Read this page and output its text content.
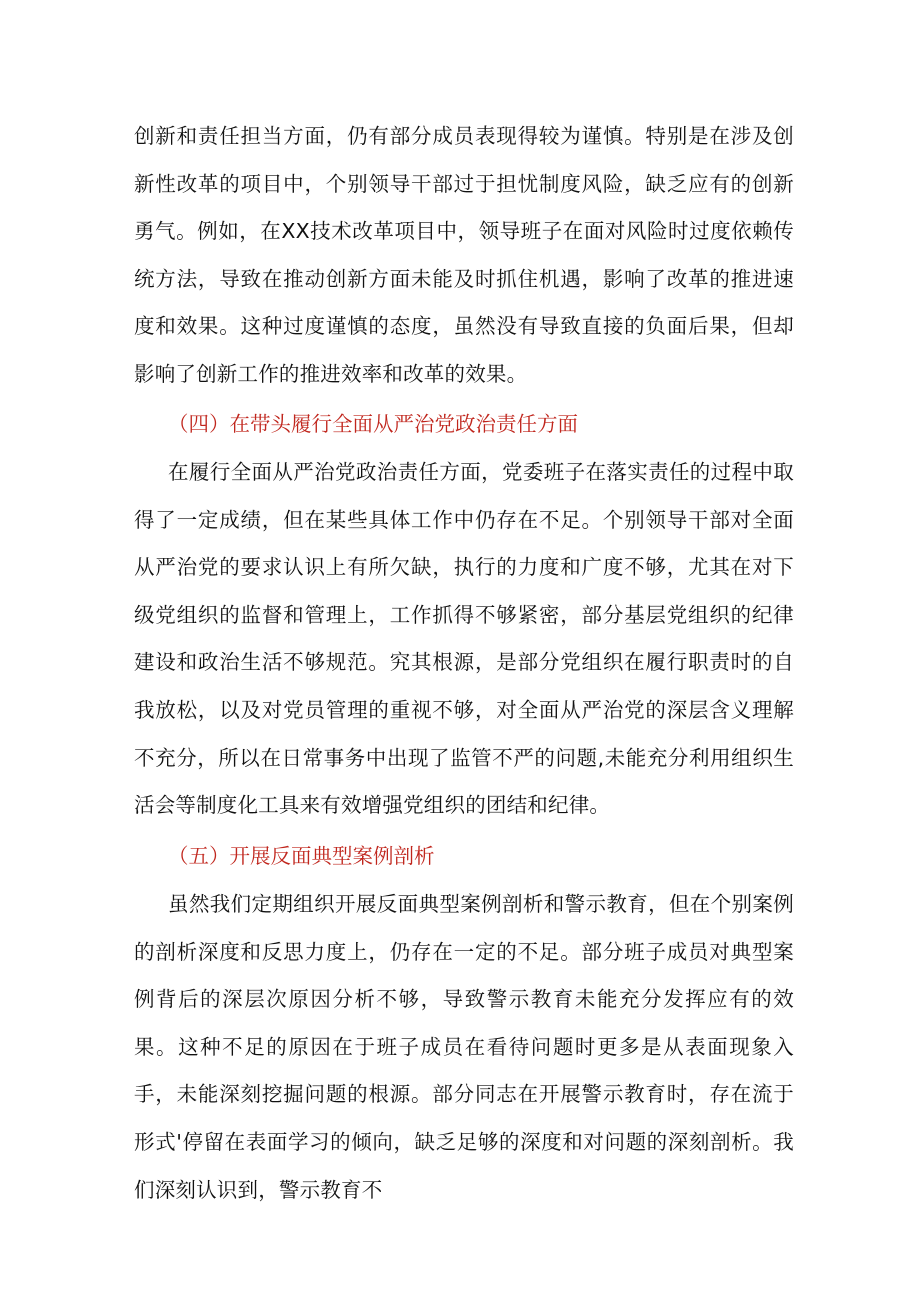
创新和责任担当方面，仍有部分成员表现得较为谨慎。特别是在涉及创新性改革的项目中，个别领导干部过于担忧制度风险，缺乏应有的创新勇气。例如，在XX技术改革项目中，领导班子在面对风险时过度依赖传统方法，导致在推动创新方面未能及时抓住机遇，影响了改革的推进速度和效果。这种过度谨慎的态度，虽然没有导致直接的负面后果，但却影响了创新工作的推进效率和改革的效果。

（四）在带头履行全面从严治党政治责任方面

在履行全面从严治党政治责任方面，党委班子在落实责任的过程中取得了一定成绩，但在某些具体工作中仍存在不足。个别领导干部对全面从严治党的要求认识上有所欠缺，执行的力度和广度不够，尤其在对下级党组织的监督和管理上，工作抓得不够紧密，部分基层党组织的纪律建设和政治生活不够规范。究其根源，是部分党组织在履行职责时的自我放松，以及对党员管理的重视不够，对全面从严治党的深层含义理解不充分，所以在日常事务中出现了监管不严的问题,未能充分利用组织生活会等制度化工具来有效增强党组织的团结和纪律。

（五）开展反面典型案例剖析

虽然我们定期组织开展反面典型案例剖析和警示教育，但在个别案例的剖析深度和反思力度上，仍存在一定的不足。部分班子成员对典型案例背后的深层次原因分析不够，导致警示教育未能充分发挥应有的效果。这种不足的原因在于班子成员在看待问题时更多是从表面现象入手，未能深刻挖掘问题的根源。部分同志在开展警示教育时，存在流于形式'停留在表面学习的倾向，缺乏足够的深度和对问题的深刻剖析。我们深刻认识到，警示教育不
